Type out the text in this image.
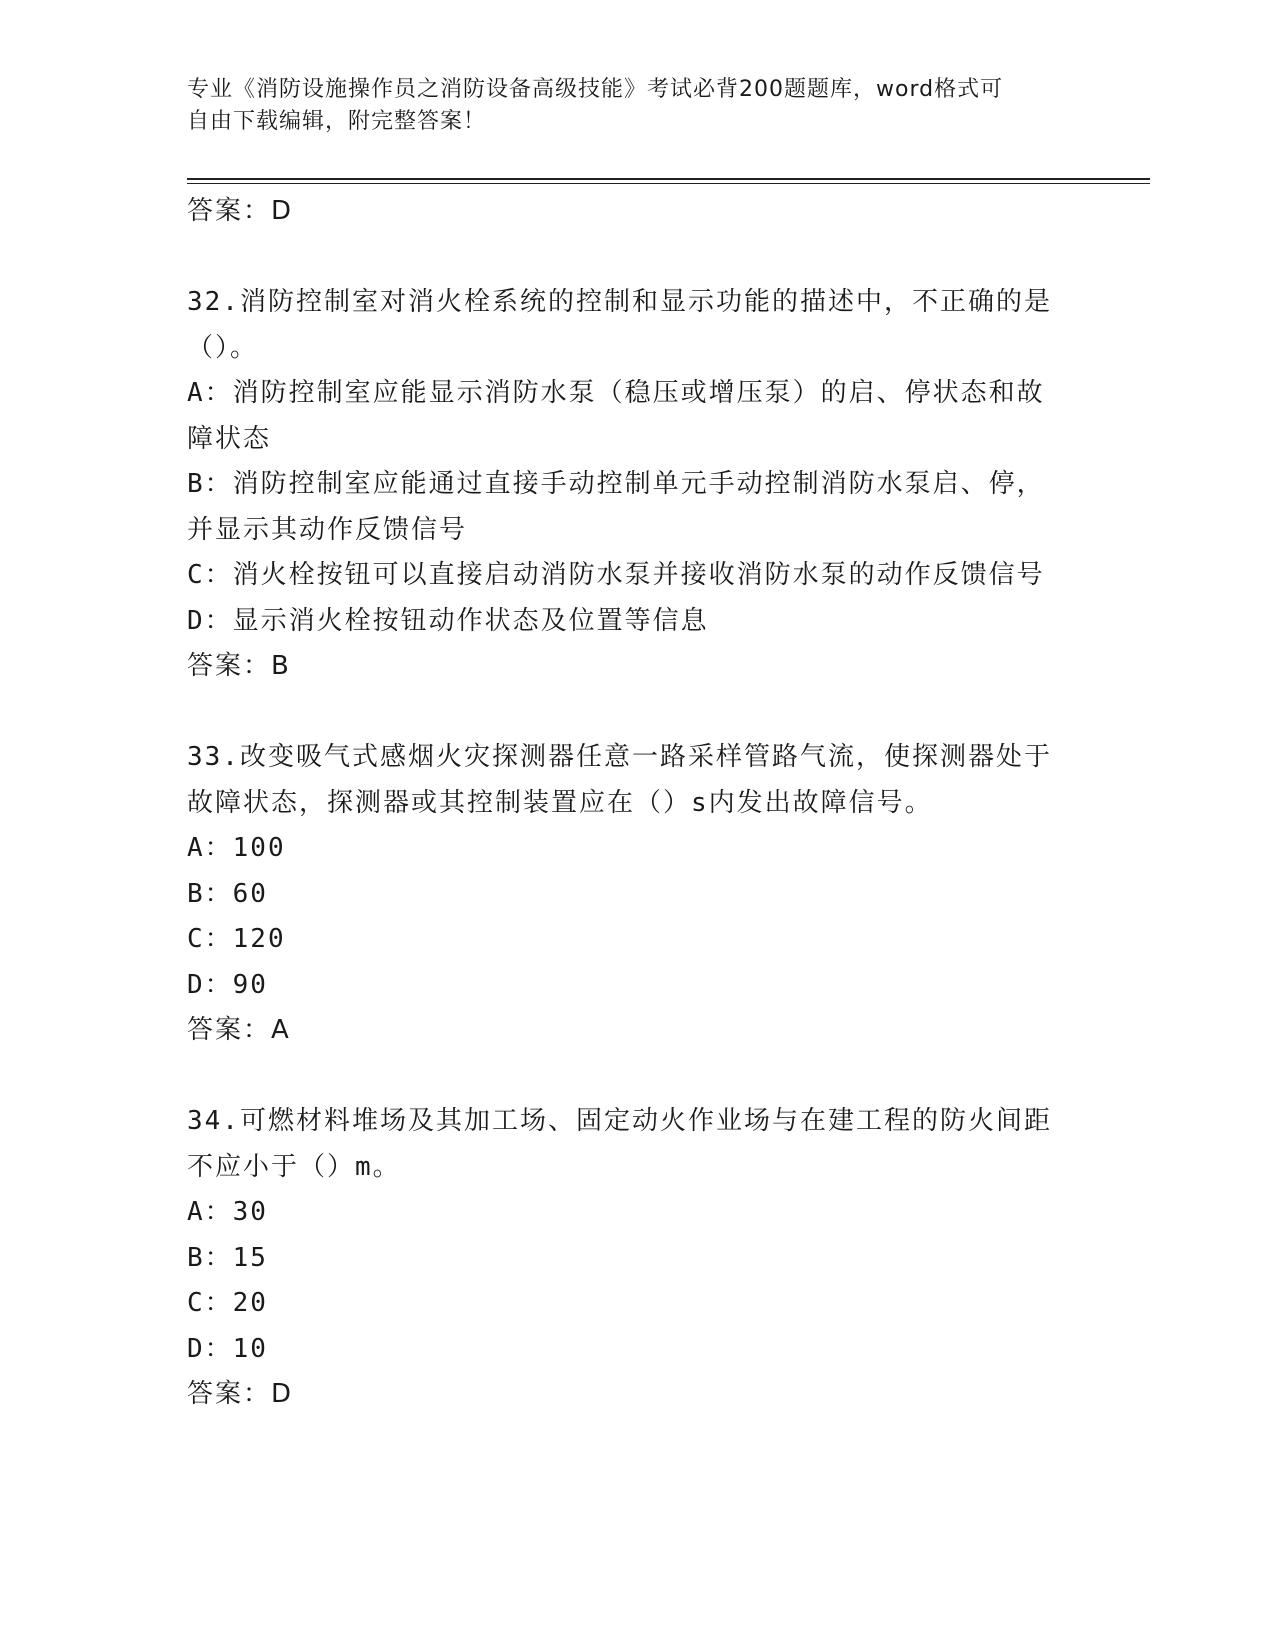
专业《消防设施操作员之消防设备高级技能》考试必背200题题库，word格式可
自由下载编辑，附完整答案！
答案：D
32.消防控制室对消火栓系统的控制和显示功能的描述中，不正确的是
（）。
A：消防控制室应能显示消防水泵（稳压或增压泵）的启、停状态和故
障状态
B：消防控制室应能通过直接手动控制单元手动控制消防水泵启、停，
并显示其动作反馈信号
C：消火栓按钮可以直接启动消防水泵并接收消防水泵的动作反馈信号
D：显示消火栓按钮动作状态及位置等信息
答案：B
33.改变吸气式感烟火灾探测器任意一路采样管路气流，使探测器处于
故障状态，探测器或其控制装置应在（）s内发出故障信号。
A：100
B：60
C：120
D：90
答案：A
34.可燃材料堆场及其加工场、固定动火作业场与在建工程的防火间距
不应小于（）m。
A：30
B：15
C：20
D：10
答案：D
